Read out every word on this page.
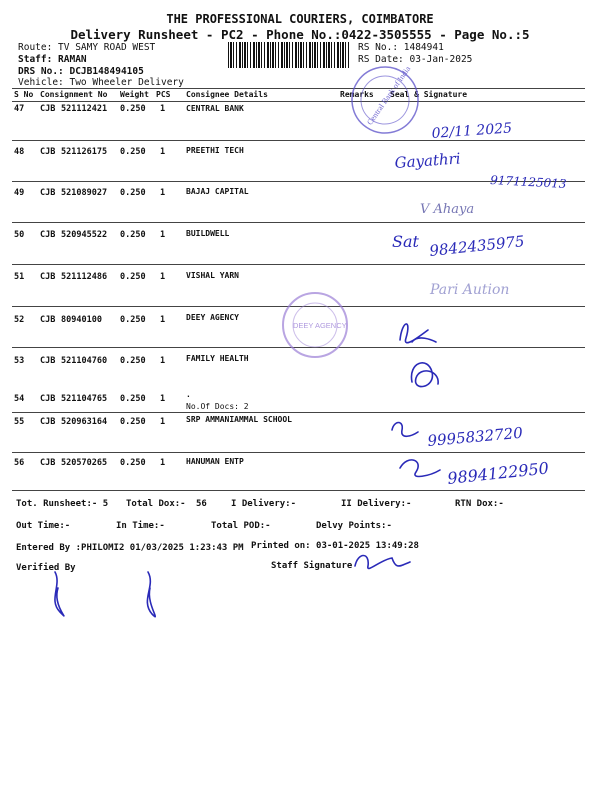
THE PROFESSIONAL COURIERS, COIMBATORE
Delivery Runsheet - PC2 - Phone No.:0422-3505555 - Page No.:5
Route: TV SAMY ROAD WEST
Staff: RAMAN
DRS No.: DCJB148494105
Vehicle: Two Wheeler Delivery
RS No.: 1484941
RS Date: 03-Jan-2025
S No Consignment No Weight PCS Consignee Details	Remarks Seal & Signature
47 CJB 521112421 0.250 1	CENTRAL BANK
48 CJB 521126175 0.250 1	PREETHI TECH
49 CJB 521089027 0.250 1	BAJAJ CAPITAL
50 CJB 520945522 0.250 1	BUILDWELL
51 CJB 521112486 0.250 1	VISHAL YARN
52 CJB 80940100 0.250 1	DEEY AGENCY
53 CJB 521104760 0.250 1	FAMILY HEALTH
54 CJB 521104765 0.250 1	.
No.Of Docs: 2
55 CJB 520963164 0.250 1	SRP AMMANIAMMAL SCHOOL
56 CJB 520570265 0.250 1	HANUMAN ENTP
Central Bank of India
DEEY AGENCY
02/11 2025
Gayathri
9171125013
V Ahaya
Sat 9842435975
Pari Aution
9995832720
9894122950
Tot. Runsheet:- 5 Total Dox:- 56	I Delivery:-	II Delivery:-	RTN Dox:-
Out Time:-	In Time:-	Total POD:-	Delvy Points:-
Entered By :PHILOMI2 01/03/2025 1:23:43 PM Printed on: 03-01-2025 13:49:28
Verified By	Staff Signature
